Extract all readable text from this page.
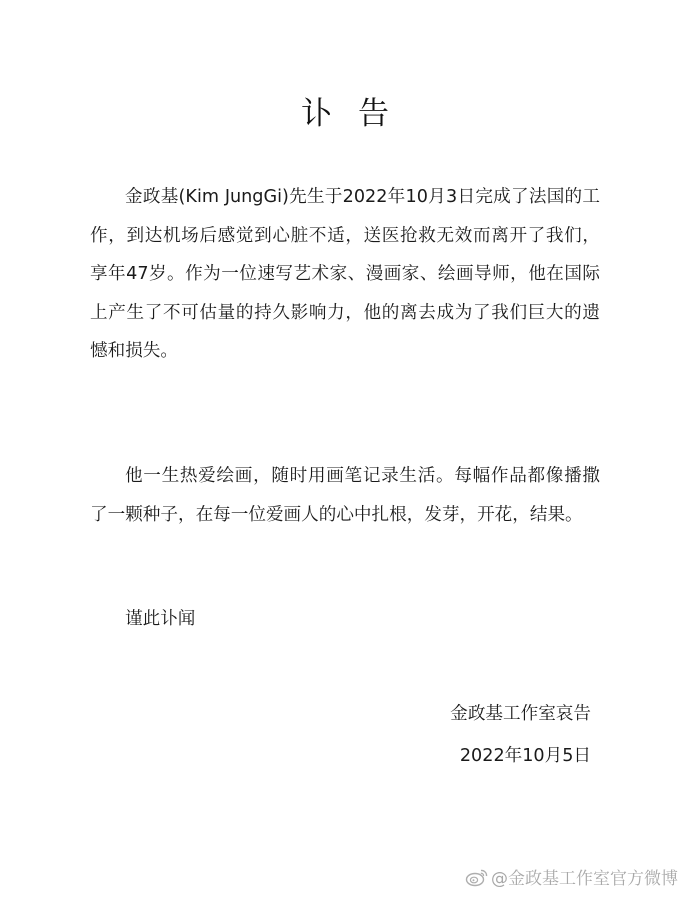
讣告

金政基(Kim JungGi)先生于2022年10月3日完成了法国的工作，到达机场后感觉到心脏不适，送医抢救无效而离开了我们，享年47岁。作为一位速写艺术家、漫画家、绘画导师，他在国际上产生了不可估量的持久影响力，他的离去成为了我们巨大的遗憾和损失。

他一生热爱绘画，随时用画笔记录生活。每幅作品都像播撒了一颗种子，在每一位爱画人的心中扎根，发芽，开花，结果。

谨此讣闻
金政基工作室哀告
2022年10月5日
@金政基工作室官方微博
